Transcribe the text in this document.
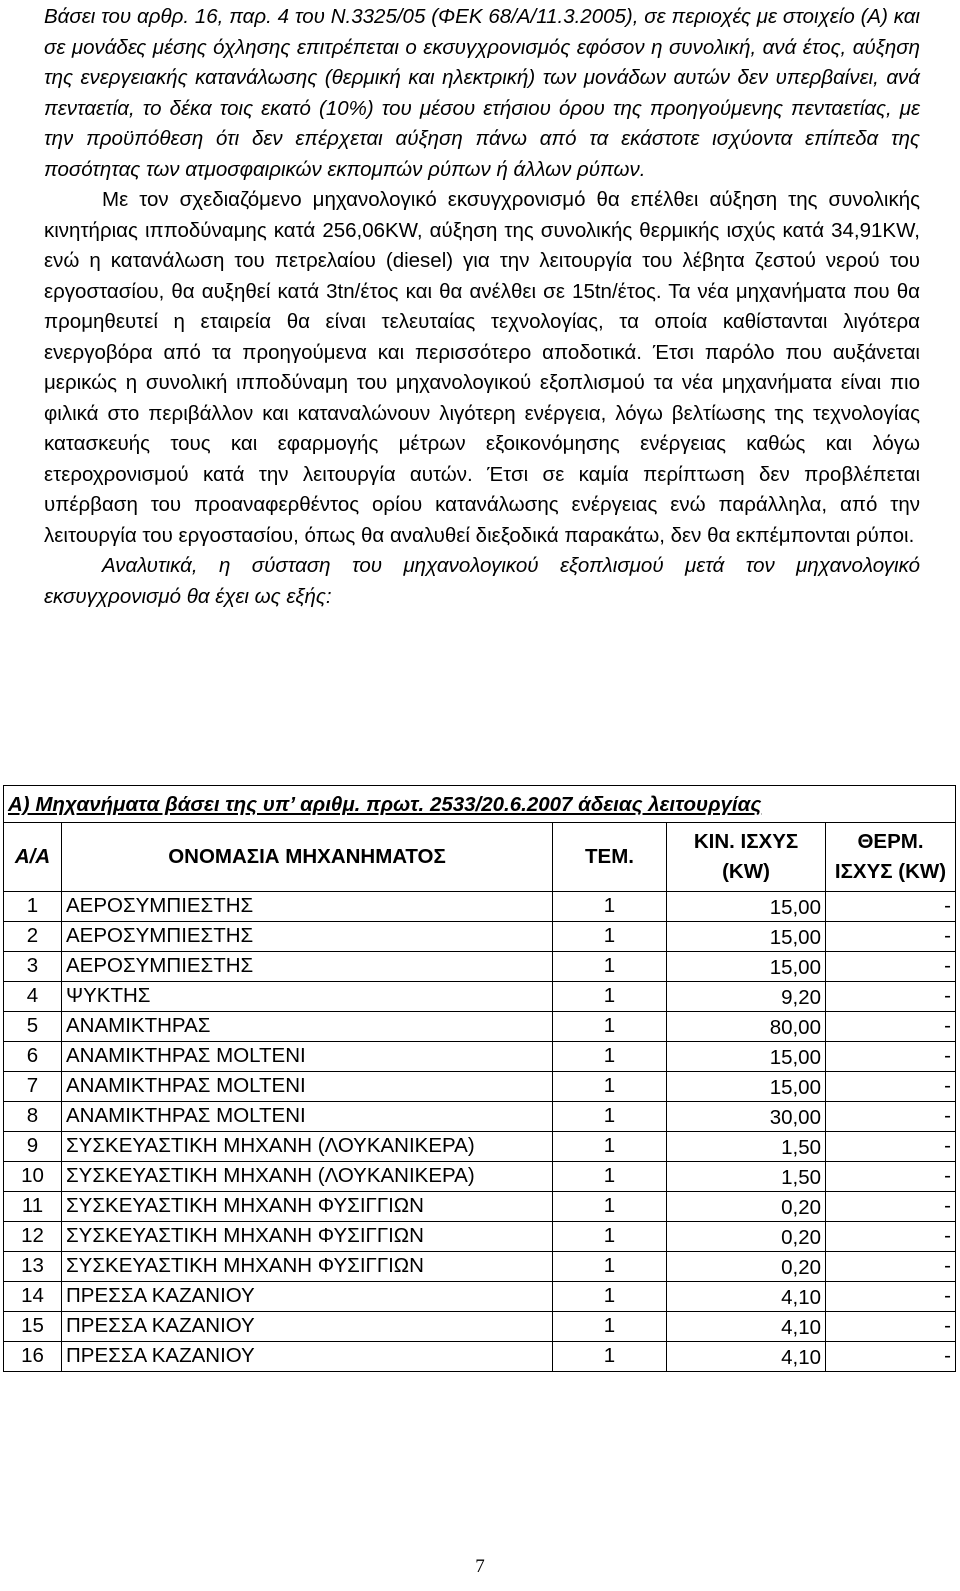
Βάσει του αρθρ. 16, παρ. 4 του Ν.3325/05 (ΦΕΚ 68/Α/11.3.2005), σε περιοχές με στοιχείο (Α) και σε μονάδες μέσης όχλησης επιτρέπεται ο εκσυγχρονισμός εφόσον η συνολική, ανά έτος, αύξηση της ενεργειακής κατανάλωσης (θερμική και ηλεκτρική) των μονάδων αυτών δεν υπερβαίνει, ανά πενταετία, το δέκα τοις εκατό (10%) του μέσου ετήσιου όρου της προηγούμενης πενταετίας, με την προϋπόθεση ότι δεν επέρχεται αύξηση πάνω από τα εκάστοτε ισχύοντα επίπεδα της ποσότητας των ατμοσφαιρικών εκπομπών ρύπων ή άλλων ρύπων.

Με τον σχεδιαζόμενο μηχανολογικό εκσυγχρονισμό θα επέλθει αύξηση της συνολικής κινητήριας ιπποδύναμης κατά 256,06KW, αύξηση της συνολικής θερμικής ισχύς κατά 34,91KW, ενώ η κατανάλωση του πετρελαίου (diesel) για την λειτουργία του λέβητα ζεστού νερού του εργοστασίου, θα αυξηθεί κατά 3tn/έτος και θα ανέλθει σε 15tn/έτος. Τα νέα μηχανήματα που θα προμηθευτεί η εταιρεία θα είναι τελευταίας τεχνολογίας, τα οποία καθίστανται λιγότερα ενεργοβόρα από τα προηγούμενα και περισσότερο αποδοτικά. Έτσι παρόλο που αυξάνεται μερικώς η συνολική ιπποδύναμη του μηχανολογικού εξοπλισμού τα νέα μηχανήματα είναι πιο φιλικά στο περιβάλλον και καταναλώνουν λιγότερη ενέργεια, λόγω βελτίωσης της τεχνολογίας κατασκευής τους και εφαρμογής μέτρων εξοικονόμησης ενέργειας καθώς και λόγω ετεροχρονισμού κατά την λειτουργία αυτών. Έτσι σε καμία περίπτωση δεν προβλέπεται υπέρβαση του προαναφερθέντος ορίου κατανάλωσης ενέργειας ενώ παράλληλα, από την λειτουργία του εργοστασίου, όπως θα αναλυθεί διεξοδικά παρακάτω, δεν θα εκπέμπονται ρύποι.

Αναλυτικά, η σύσταση του μηχανολογικού εξοπλισμού μετά τον μηχανολογικό εκσυγχρονισμό θα έχει ως εξής:

Α) Μηχανήματα βάσει της υπ’ αριθμ. πρωτ. 2533/20.6.2007 άδειας λειτουργίας				
Α/Α	ΟΝΟΜΑΣΙΑ ΜΗΧΑΝΗΜΑΤΟΣ	ΤΕΜ.	ΚΙΝ. ΙΣΧΥΣ (KW)	ΘΕΡΜ. ΙΣΧΥΣ (KW)
1	ΑΕΡΟΣΥΜΠΙΕΣΤΗΣ	1	15,00	-
2	ΑΕΡΟΣΥΜΠΙΕΣΤΗΣ	1	15,00	-
3	ΑΕΡΟΣΥΜΠΙΕΣΤΗΣ	1	15,00	-
4	ΨΥΚΤΗΣ	1	9,20	-
5	ΑΝΑΜΙΚΤΗΡΑΣ	1	80,00	-
6	ΑΝΑΜΙΚΤΗΡΑΣ MOLTENI	1	15,00	-
7	ΑΝΑΜΙΚΤΗΡΑΣ MOLTENI	1	15,00	-
8	ΑΝΑΜΙΚΤΗΡΑΣ MOLTENI	1	30,00	-
9	ΣΥΣΚΕΥΑΣΤΙΚΗ ΜΗΧΑΝΗ (ΛΟΥΚΑΝΙΚΕΡΑ)	1	1,50	-
10	ΣΥΣΚΕΥΑΣΤΙΚΗ ΜΗΧΑΝΗ (ΛΟΥΚΑΝΙΚΕΡΑ)	1	1,50	-
11	ΣΥΣΚΕΥΑΣΤΙΚΗ ΜΗΧΑΝΗ ΦΥΣΙΓΓΙΩΝ	1	0,20	-
12	ΣΥΣΚΕΥΑΣΤΙΚΗ ΜΗΧΑΝΗ ΦΥΣΙΓΓΙΩΝ	1	0,20	-
13	ΣΥΣΚΕΥΑΣΤΙΚΗ ΜΗΧΑΝΗ ΦΥΣΙΓΓΙΩΝ	1	0,20	-
14	ΠΡΕΣΣΑ ΚΑΖΑΝΙΟΥ	1	4,10	-
15	ΠΡΕΣΣΑ ΚΑΖΑΝΙΟΥ	1	4,10	-
16	ΠΡΕΣΣΑ ΚΑΖΑΝΙΟΥ	1	4,10	-
7
